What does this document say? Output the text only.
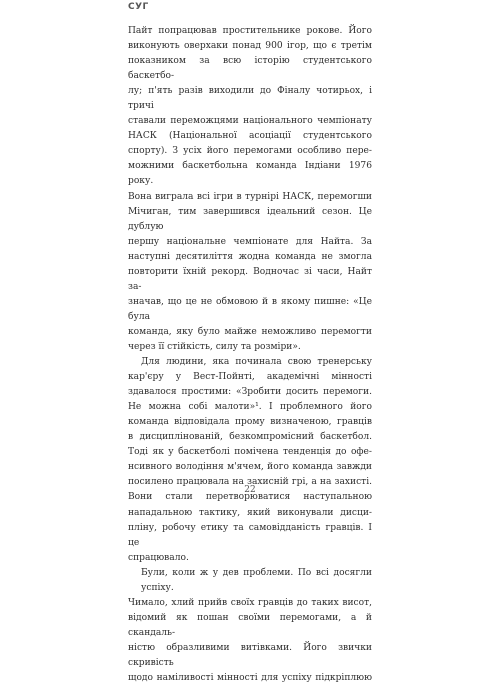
СУГ
Пайт попрацював простительнике рокове. Його
виконують оверхаки понад 900 ігор, що є третім
показником за всю історію студентського баскетбо-
лу; п'ять разів виходили до Фіналу чотирьох, і тричі
ставали переможцями національного чемпіонату
НАСК (Національної асоціації студентського
спорту). З усіх його перемогами особливо пере-
можними баскетбольна команда Індіани 1976 року.
Вона виграла всі ігри в турнірі НАСК, перемогши
Мічиган, тим завершився ідеальний сезон. Це дублую
першу національне чемпіонате для Найта. За
наступні десятиліття жодна команда не змогла
повторити їхній рекорд. Водночас зі часи, Найт за-
значав, що це не обмовою й в якому пишне: «Це була
команда, яку було майже неможливо перемогти
через її стійкість, силу та розміри».
Для людини, яка починала свою тренерську
кар'єру у Вест-Пойнті, академічні мінності
здавалося простими: «Зробити досить перемоги.
Не можна собі малоти»¹. І проблемного його
команда відповідала прому визначеною, гравців
в дисциплінованій, безкомпромісний баскетбол.
Тоді як у баскетболі помічена тенденція до офе-
нсивного володіння м'ячем, його команда завжди
посилено працювала на захисній грі, а на захисті.
Вони стали перетворюватися наступальною
нападальною тактику, який виконували дисци-
пліну, робочу етику та самовідданість гравців. І це
спрацювало.
Були, коли ж у дев проблеми. По всі досягли успіху.
Чимало, хлий прийв своїх гравців до таких висот,
відомий як пошан своїми перемогами, а й скандаль-
ністю образливими витівками. Його звички скривість
щодо наміливості мінності для успіху підкріплюю
22
